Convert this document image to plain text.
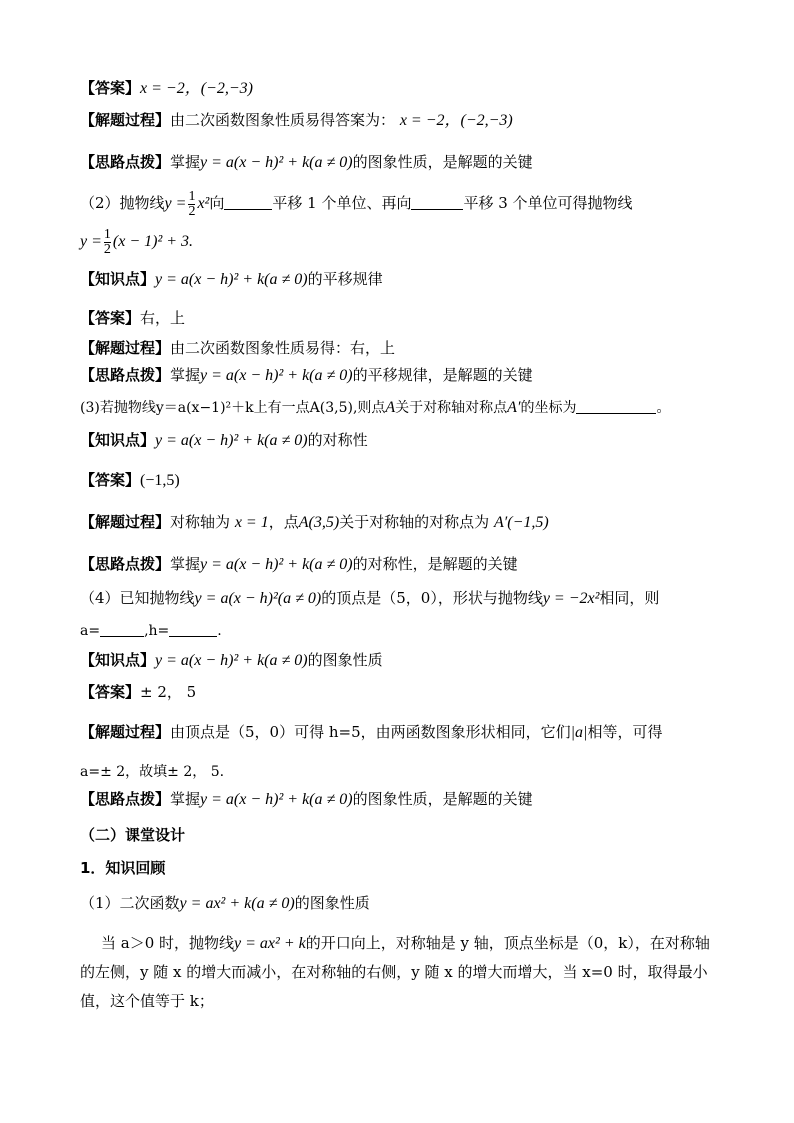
【答案】x = −2，(−2,−3)
【解题过程】由二次函数图象性质易得答案为： x = −2，(−2,−3)
【思路点拨】掌握y = a(x − h)² + k(a ≠ 0)的图象性质，是解题的关键
（2）抛物线$y = \frac{1}{2} x^2$向	平移 1 个单位、再向	平移 3 个单位可得抛物线
$y = \frac{1}{2} (x - 1)^2 + 3$.
【知识点】y = a(x − h)² + k(a ≠ 0)的平移规律
【答案】右，上
【解题过程】由二次函数图象性质易得：右，上
【思路点拨】掌握y = a(x − h)² + k(a ≠ 0)的平移规律，是解题的关键
(3)若抛物线y＝a(x−1)²＋k上有一点A(3,5),则点A关于对称轴对称点A′的坐标为	。
【知识点】y = a(x − h)² + k(a ≠ 0)的对称性
【答案】(−1,5)
【解题过程】对称轴为 x = 1，点A(3,5)关于对称轴的对称点为 A′(−1,5)
【思路点拨】掌握y = a(x − h)² + k(a ≠ 0)的对称性，是解题的关键
（4）已知抛物线y = a(x − h)²(a ≠ 0)的顶点是（5，0），形状与抛物线y = −2x²相同，则
a=	,h=	.
【知识点】y = a(x − h)² + k(a ≠ 0)的图象性质
【答案】± 2， 5
【解题过程】由顶点是（5，0）可得 h=5，由两函数图象形状相同，它们|a|相等，可得
a=± 2，故填± 2， 5.
【思路点拨】掌握y = a(x − h)² + k(a ≠ 0)的图象性质，是解题的关键
（二）课堂设计
1．知识回顾
（1）二次函数y = ax² + k(a ≠ 0)的图象性质
当 a＞0 时，抛物线y = ax² + k的开口向上，对称轴是 y 轴，顶点坐标是（0，k），在对称轴的左侧，y 随 x 的增大而减小，在对称轴的右侧，y 随 x 的增大而增大，当 x=0 时，取得最小值，这个值等于 k；
